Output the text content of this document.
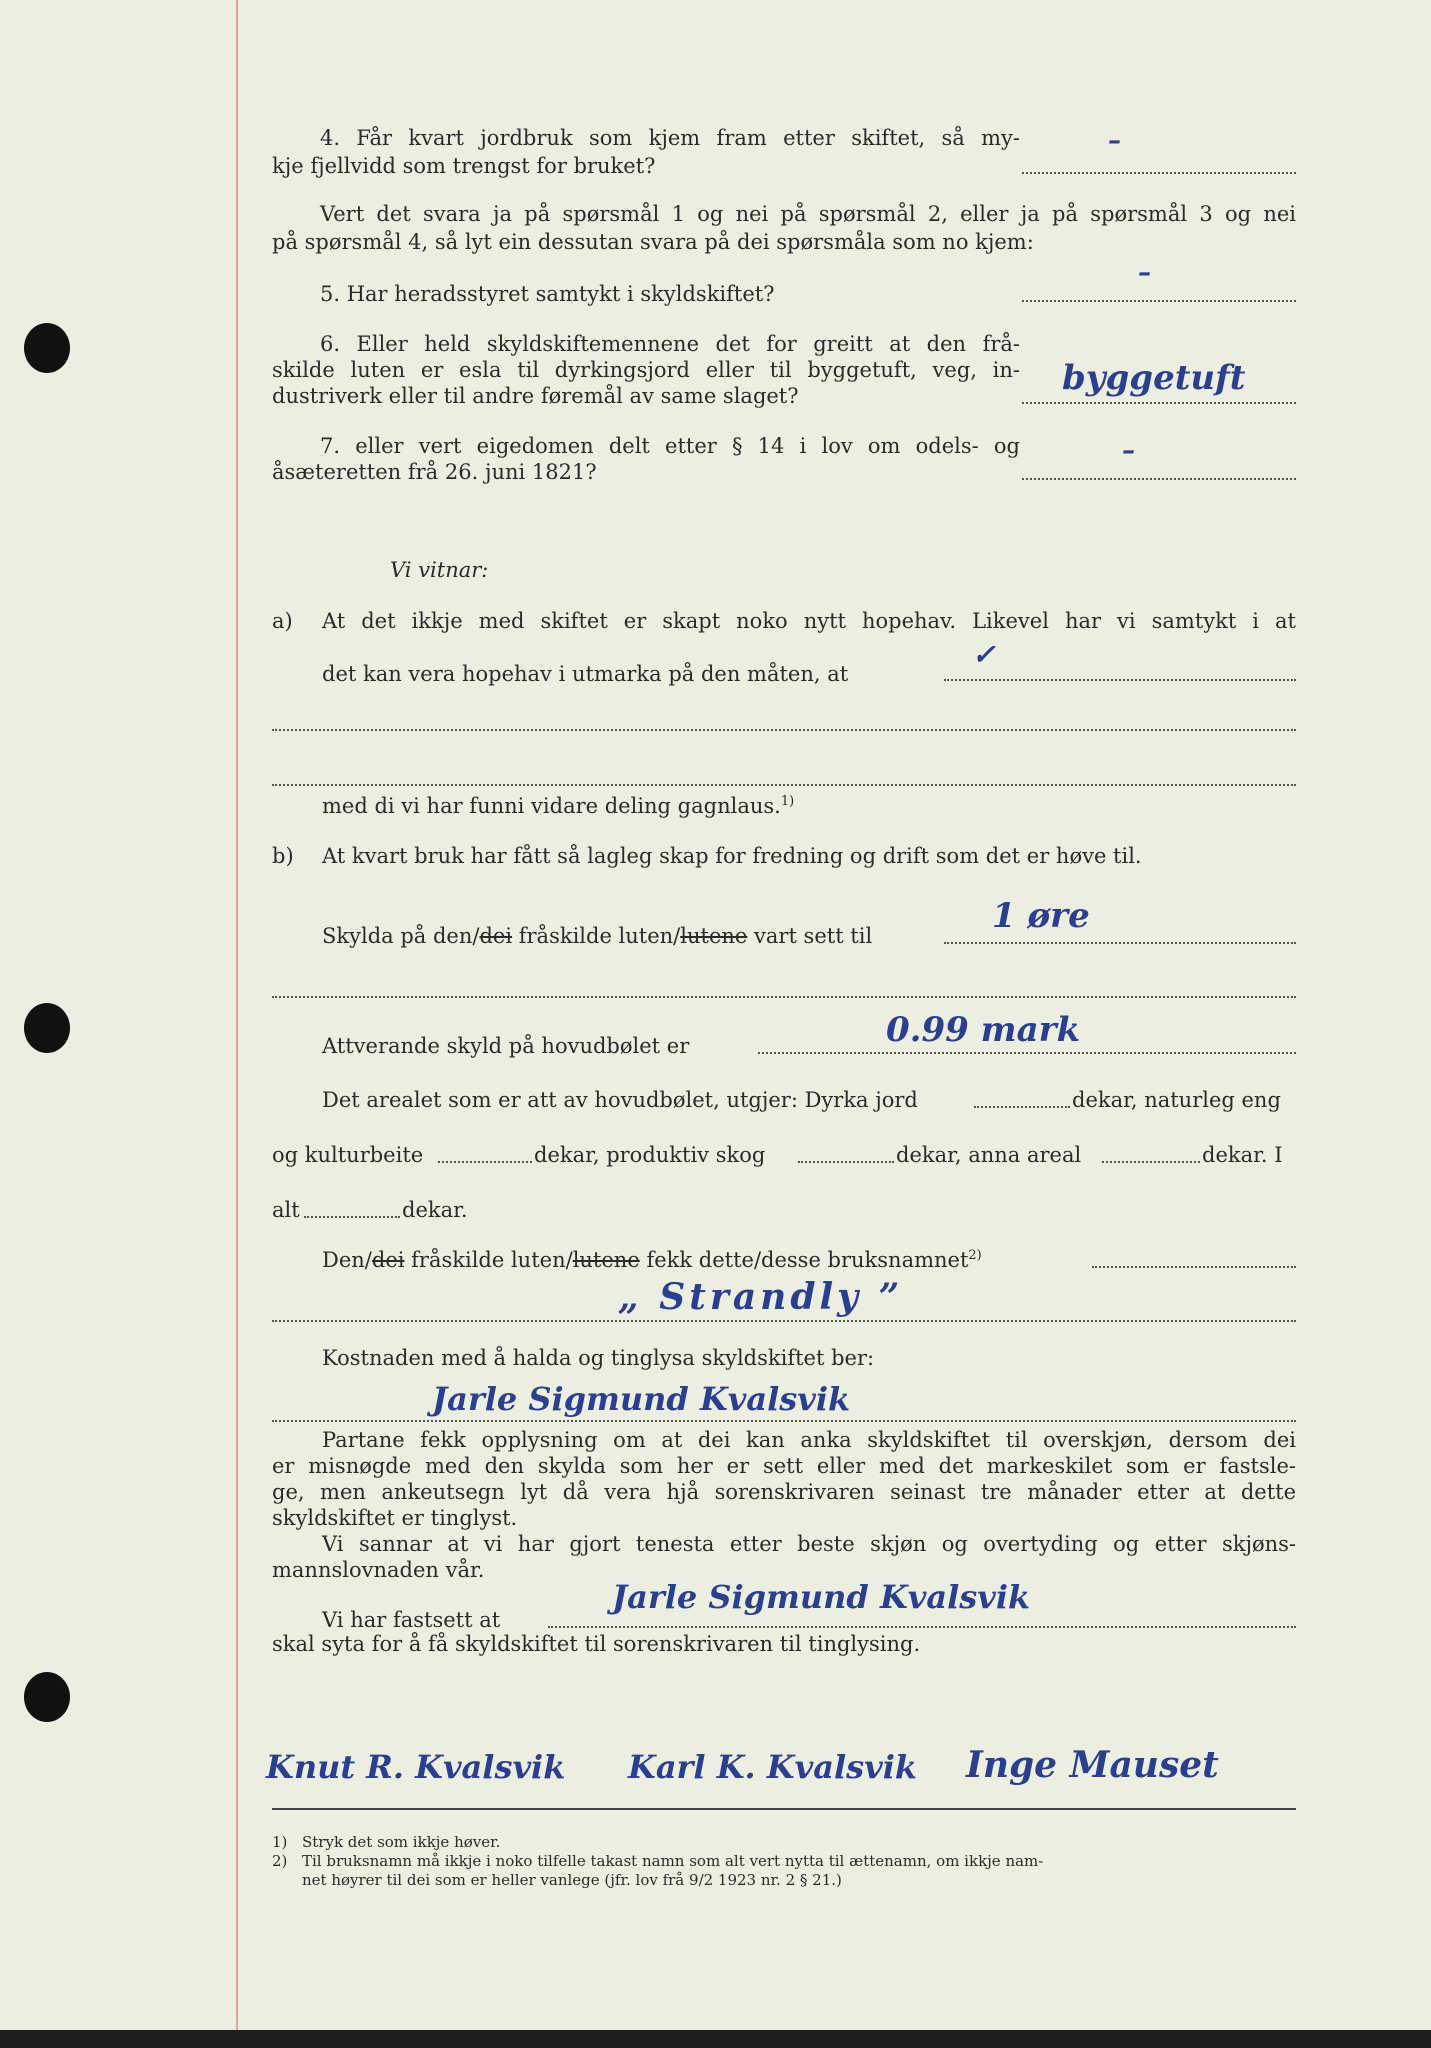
4. Får kvart jordbruk som kjem fram etter skiftet, så my-
kje fjellvidd som trengst for bruket?
–
Vert det svara ja på spørsmål 1 og nei på spørsmål 2, eller ja på spørsmål 3 og nei
på spørsmål 4, så lyt ein dessutan svara på dei spørsmåla som no kjem:
5. Har heradsstyret samtykt i skyldskiftet?
–
6. Eller held skyldskiftemennene det for greitt at den frå-
skilde luten er esla til dyrkingsjord eller til byggetuft, veg, in-
dustriverk eller til andre føremål av same slaget?	byggetuft
7. eller vert eigedomen delt etter § 14 i lov om odels- og
åsæteretten frå 26. juni 1821?
–
Vi vitnar:
a) At det ikkje med skiftet er skapt noko nytt hopehav. Likevel har vi samtykt i at
det kan vera hopehav i utmarka på den måten, at
✓
med di vi har funni vidare deling gagnlaus.$^{1)}$
b) At kvart bruk har fått så lagleg skap for fredning og drift som det er høve til.
Skylda på den/dei fråskilde luten/lutene vart sett til	1 øre
Attverande skyld på hovudbølet er	0.99 mark
Det arealet som er att av hovudbølet, utgjer: Dyrka jord	dekar, naturleg eng
og kulturbeite	dekar, produktiv skog	dekar, anna areal	dekar. I
alt	dekar.
Den/dei fråskilde luten/lutene fekk dette/desse bruksnamnet$^{2)}$
„ Strandly ”
Kostnaden med å halda og tinglysa skyldskiftet ber:
Jarle Sigmund Kvalsvik
Partane fekk opplysning om at dei kan anka skyldskiftet til overskjøn, dersom dei
er misnøgde med den skylda som her er sett eller med det markeskilet som er fastsle-
ge, men ankeutsegn lyt då vera hjå sorenskrivaren seinast tre månader etter at dette
skyldskiftet er tinglyst.
Vi sannar at vi har gjort tenesta etter beste skjøn og overtyding og etter skjøns-
mannslovnaden vår.
Vi har fastsett at
Jarle Sigmund Kvalsvik
skal syta for å få skyldskiftet til sorenskrivaren til tinglysing.
Knut R. Kvalsvik Karl K. Kvalsvik Inge Mauset
1) Stryk det som ikkje høver.
2) Til bruksnamn må ikkje i noko tilfelle takast namn som alt vert nytta til ættenamn, om ikkje nam-
net høyrer til dei som er heller vanlege (jfr. lov frå 9/2 1923 nr. 2 § 21.)
